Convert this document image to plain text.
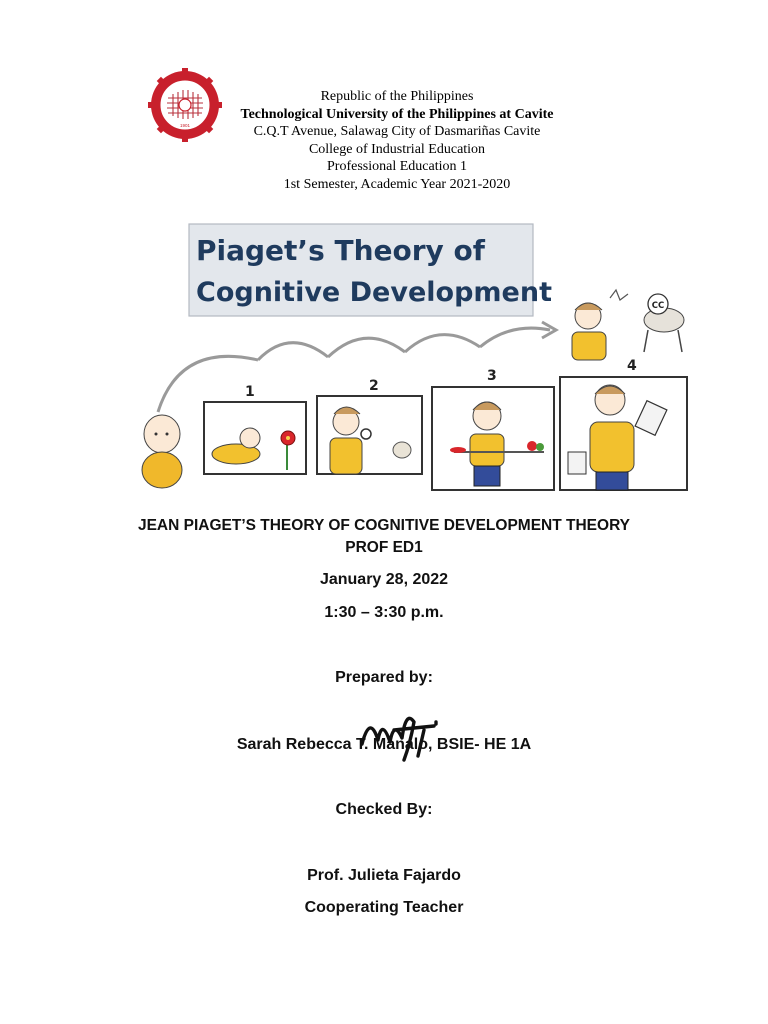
1901
Republic of the Philippines
Technological University of the Philippines at Cavite
C.Q.T Avenue, Salawag City of Dasmariñas Cavite
College of Industrial Education
Professional Education 1
1st Semester, Academic Year 2021-2020
Piaget’s Theory of
Cognitive Development
1	2
3
4
CC
JEAN PIAGET’S THEORY OF COGNITIVE DEVELOPMENT THEORY
PROF ED1
January 28, 2022
1:30 – 3:30 p.m.
Prepared by:
Sarah Rebecca T. Manalo, BSIE- HE 1A
Checked By:
Prof. Julieta Fajardo
Cooperating Teacher
